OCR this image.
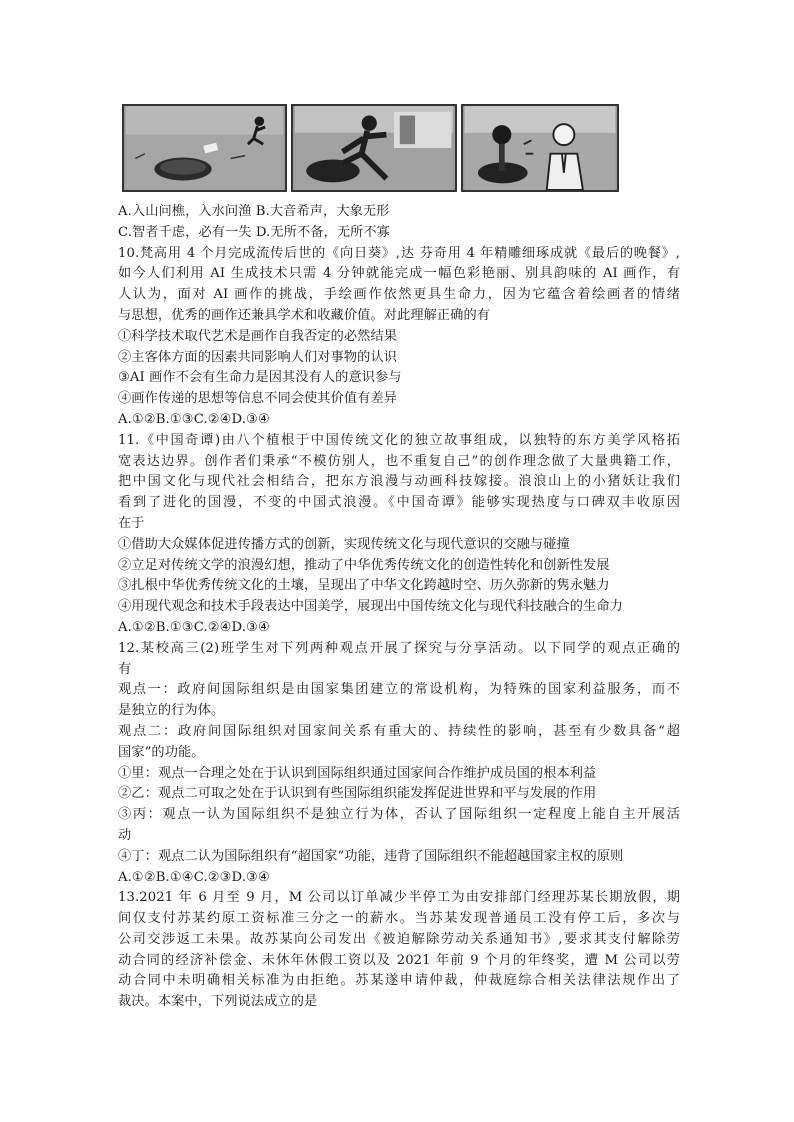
A.入山问樵，入水问渔 B.大音希声，大象无形
C.智者千虑，必有一失 D.无所不备，无所不寡
10.梵高用 4 个月完成流传后世的《向日葵》,达 芬奇用 4 年精雕细琢成就《最后的晚餐》,
如今人们利用 AI 生成技术只需 4 分钟就能完成一幅色彩艳丽、别具韵味的 AI 画作，有
人认为，面对 AI 画作的挑战，手绘画作依然更具生命力，因为它蕴含着绘画者的情绪
与思想，优秀的画作还兼具学术和收藏价值。对此理解正确的有
①科学技术取代艺术是画作自我否定的必然结果
②主客体方面的因素共同影响人们对事物的认识
③AI 画作不会有生命力是因其没有人的意识参与
④画作传递的思想等信息不同会使其价值有差异
A.①②B.①③C.②④D.③④
11.《中国奇谭)由八个植根于中国传统文化的独立故事组成，以独特的东方美学风格拓
宽表达边界。创作者们秉承“不模仿别人，也不重复自己”的创作理念做了大量典籍工作，
把中国文化与现代社会相结合，把东方浪漫与动画科技嫁接。浪浪山上的小猪妖让我们
看到了进化的国漫，不变的中国式浪漫。《中国奇谭》能够实现热度与口碑双丰收原因
在于
①借助大众媒体促进传播方式的创新，实现传统文化与现代意识的交融与碰撞
②立足对传统文学的浪漫幻想，推动了中华优秀传统文化的创造性转化和创新性发展
③扎根中华优秀传统文化的土壤，呈现出了中华文化跨越时空、历久弥新的隽永魅力
④用现代观念和技术手段表达中国美学，展现出中国传统文化与现代科技融合的生命力
A.①②B.①③C.②④D.③④
12.某校高三(2)班学生对下列两种观点开展了探究与分享活动。以下同学的观点正确的
有
观点一：政府间国际组织是由国家集团建立的常设机构，为特殊的国家利益服务，而不
是独立的行为体。
观点二：政府间国际组织对国家间关系有重大的、持续性的影响，甚至有少数具备“超
国家”的功能。
①里：观点一合理之处在于认识到国际组织通过国家间合作维护成员国的根本利益
②乙：观点二可取之处在于认识到有些国际组织能发挥促进世界和平与发展的作用
③丙：观点一认为国际组织不是独立行为体，否认了国际组织一定程度上能自主开展活
动
④丁：观点二认为国际组织有“超国家”功能，违背了国际组织不能超越国家主权的原则
A.①②B.①④C.②③D.③④
13.2021 年 6 月至 9 月，M 公司以订单减少半停工为由安排部门经理苏某长期放假，期
间仅支付苏某约原工资标准三分之一的薪水。当苏某发现普通员工没有停工后，多次与
公司交涉返工未果。故苏某向公司发出《被迫解除劳动关系通知书》,要求其支付解除劳
动合同的经济补偿金、未休年休假工资以及 2021 年前 9 个月的年终奖，遭 M 公司以劳
动合同中未明确相关标准为由拒绝。苏某遂申请仲裁，仲裁庭综合相关法律法规作出了
裁决。本案中，下列说法成立的是
